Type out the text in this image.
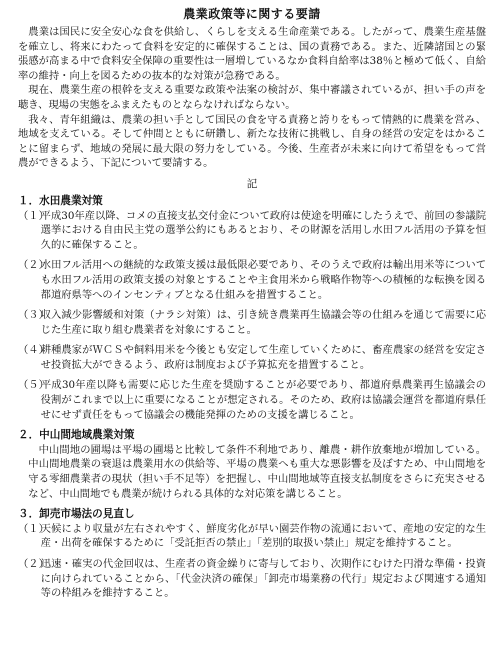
農業政策等に関する要請

農業は国民に安全安心な食を供給し、くらしを支える生命産業である。したがって、農業生産基盤を確立し、将来にわたって食料を安定的に確保することは、国の責務である。また、近隣諸国との緊張感が高まる中で食料安全保障の重要性は一層増しているなか食料自給率は38％と極めて低く、自給率の維持・向上を図るための抜本的な対策が急務である。

現在、農業生産の根幹を支える重要な政策や法案の検討が、集中審議されているが、担い手の声を聴き、現場の実態をふまえたものとならなければならない。

我々、青年組織は、農業の担い手として国民の食を守る責務と誇りをもって情熱的に農業を営み、地域を支えている。そして仲間とともに研鑽し、新たな技術に挑戦し、自身の経営の安定をはかることに留まらず、地域の発展に最大限の努力をしている。今後、生産者が未来に向けて希望をもって営農ができるよう、下記について要請する。

記
１．水田農業対策

（１）平成30年産以降、コメの直接支払交付金について政府は使途を明確にしたうえで、前回の参議院選挙における自由民主党の選挙公約にもあるとおり、その財源を活用し水田フル活用の予算を恒久的に確保すること。

（２）水田フル活用への継続的な政策支援は最低限必要であり、そのうえで政府は輸出用米等についても水田フル活用の政策支援の対象とすることや主食用米から戦略作物等への積極的な転換を図る都道府県等へのインセンティブとなる仕組みを措置すること。

（３）収入減少影響緩和対策（ナラシ対策）は、引き続き農業再生協議会等の仕組みを通じて需要に応じた生産に取り組む農業者を対象にすること。

（４）耕種農家がＷＣＳや飼料用米を今後とも安定して生産していくために、畜産農家の経営を安定させ投資拡大ができるよう、政府は制度および予算拡充を措置すること。

（５）平成30年産以降も需要に応じた生産を奨励することが必要であり、都道府県農業再生協議会の役割がこれまで以上に重要になることが想定される。そのため、政府は協議会運営を都道府県任せにせず責任をもって協議会の機能発揮のための支援を講じること。

２．中山間地域農業対策

中山間地の圃場は平場の圃場と比較して条件不利地であり、離農・耕作放棄地が増加している。中山間地農業の衰退は農業用水の供給等、平場の農業へも重大な悪影響を及ぼすため、中山間地を守る零細農業者の現状（担い手不足等）を把握し、中山間地域等直接支払制度をさらに充実させるなど、中山間地でも農業が続けられる具体的な対応策を講じること。

３．卸売市場法の見直し

（１）天候により収量が左右されやすく、鮮度劣化が早い園芸作物の流通において、産地の安定的な生産・出荷を確保するために「受託拒否の禁止」「差別的取扱い禁止」規定を維持すること。

（２）迅速・確実の代金回収は、生産者の資金繰りに寄与しており、次期作にむけた円滑な準備・投資に向けられていることから、「代金決済の確保」「卸売市場業務の代行」規定および関連する通知等の枠組みを維持すること。
